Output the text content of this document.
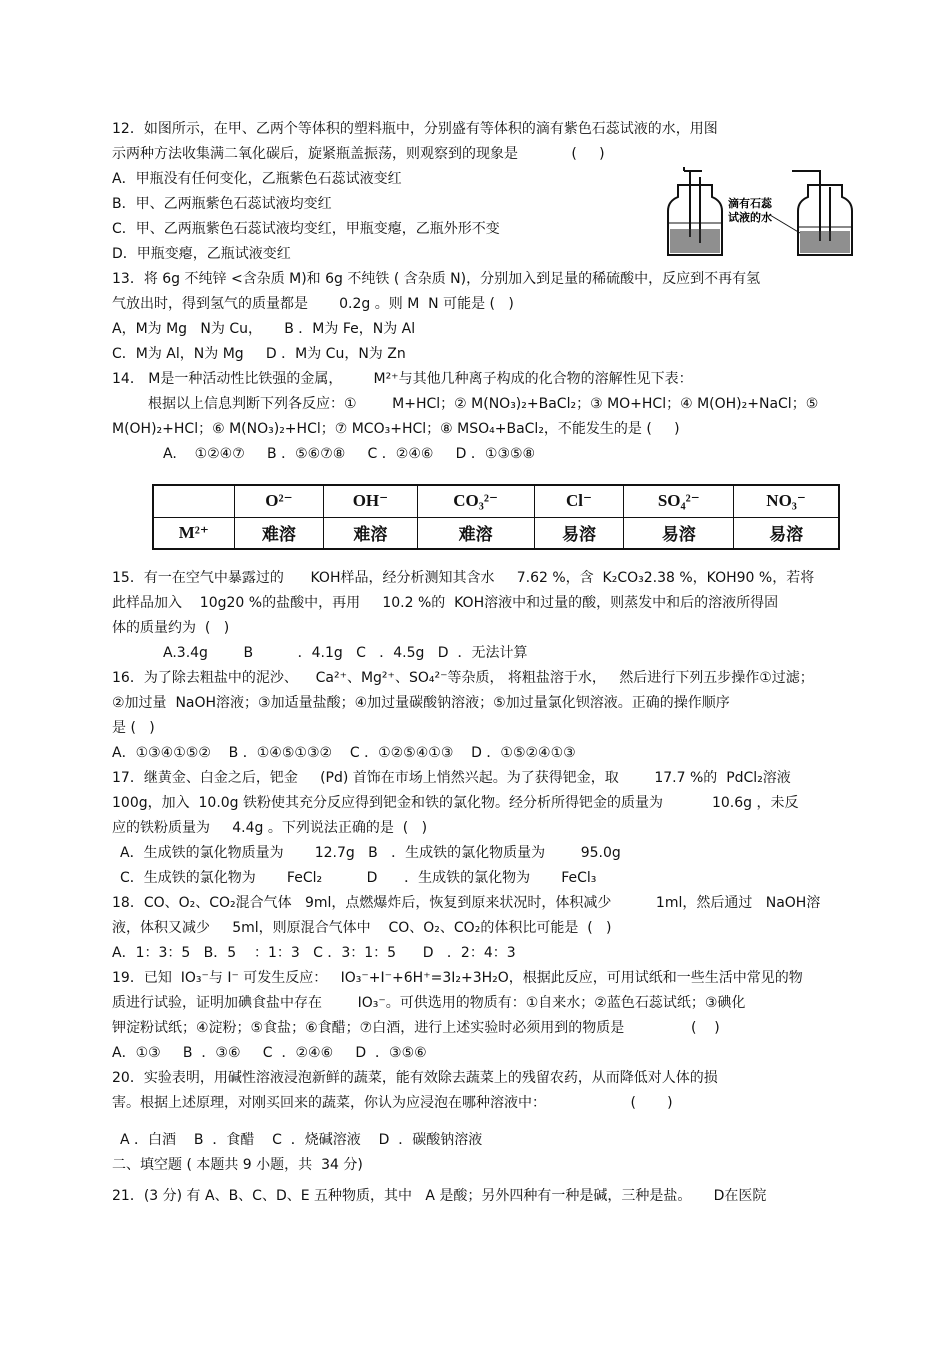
12．如图所示，在甲、乙两个等体积的塑料瓶中，分别盛有等体积的滴有紫色石蕊试液的水，用图
示两种方法收集满二氧化碳后，旋紧瓶盖振荡，则观察到的现象是            (     )
A．甲瓶没有任何变化，乙瓶紫色石蕊试液变红
B．甲、乙两瓶紫色石蕊试液均变红
C．甲、乙两瓶紫色石蕊试液均变红，甲瓶变瘪，乙瓶外形不变
D．甲瓶变瘪，乙瓶试液变红
滴有石蕊
试液的水
13．将 6g 不纯锌 <含杂质 M)和 6g 不纯铁 ( 含杂质 N)，分别加入到足量的稀硫酸中，反应到不再有氢
气放出时，得到氢气的质量都是       0.2g 。则 M  N 可能是 (   )
A，M为 Mg   N为 Cu，     B ．M为 Fe，N为 Al
C．M为 Al，N为 Mg     D ．M为 Cu，N为 Zn
14． M是一种活动性比铁强的金属，       M²⁺与其他几种离子构成的化合物的溶解性见下表：
根据以上信息判断下列各反应：①        M+HCl；② M(NO₃)₂+BaCl₂；③ MO+HCl；④ M(OH)₂+NaCl；⑤
M(OH)₂+HCl；⑥ M(NO₃)₂+HCl；⑦ MCO₃+HCl；⑧ MSO₄+BaCl₂，不能发生的是 (     )
A.    ①②④⑦     B ．⑤⑥⑦⑧     C ．②④⑥     D ．①③⑤⑧
	O²⁻	OH⁻	CO₃²⁻	Cl⁻	SO₄²⁻	NO₃⁻
M²⁺	难溶	难溶	难溶	易溶	易溶	易溶
15．有一在空气中暴露过的      KOH样品，经分析测知其含水     7.62 %，含  K₂CO₃2.38 %，KOH90 %，若将
此样品加入    10g20 %的盐酸中，再用     10.2 %的  KOH溶液中和过量的酸，则蒸发中和后的溶液所得固
体的质量约为  (   )
A.3.4g        B          ．4.1g   C   ．4.5g   D  ．无法计算
16．为了除去粗盐中的泥沙、    Ca²⁺、Mg²⁺、SO₄²⁻等杂质， 将粗盐溶于水，   然后进行下列五步操作①过滤；
②加过量  NaOH溶液；③加适量盐酸；④加过量碳酸钠溶液；⑤加过量氯化钡溶液。正确的操作顺序
是 (   )
A．①③④①⑤②    B ．①④⑤①③②    C ．①②⑤④①③    D ．①⑤②④①③
17．继黄金、白金之后，钯金     (Pd) 首饰在市场上悄然兴起。为了获得钯金，取        17.7 %的  PdCl₂溶液
100g，加入  10.0g 铁粉使其充分反应得到钯金和铁的氯化物。经分析所得钯金的质量为           10.6g ，未反
应的铁粉质量为     4.4g 。下列说法正确的是  (   )
A．生成铁的氯化物质量为       12.7g   B   ．生成铁的氯化物质量为        95.0g
C．生成铁的氯化物为       FeCl₂          D      ．生成铁的氯化物为       FeCl₃
18．CO、O₂、CO₂混合气体   9ml，点燃爆炸后，恢复到原来状况时，体积减少          1ml，然后通过   NaOH溶
液，体积又减少     5ml，则原混合气体中    CO、O₂、CO₂的体积比可能是  (   )
A．1：3：5   B．5    ：1：3   C ．3：1：5      D   ．2：4：3
19．已知  IO₃⁻与 I⁻ 可发生反应：   IO₃⁻+I⁻+6H⁺=3I₂+3H₂O，根据此反应，可用试纸和一些生活中常见的物
质进行试验，证明加碘食盐中存在        IO₃⁻。可供选用的物质有：①自来水；②蓝色石蕊试纸；③碘化
钾淀粉试纸；④淀粉；⑤食盐；⑥食醋；⑦白酒，进行上述实验时必须用到的物质是               (    )
A．①③     B  ．③⑥     C  ．②④⑥     D  ．③⑤⑥
20．实验表明，用碱性溶液浸泡新鲜的蔬菜，能有效除去蔬菜上的残留农药，从而降低对人体的损
害。根据上述原理，对刚买回来的蔬菜，你认为应浸泡在哪种溶液中：                   (       )
A ．白酒    B  ．食醋    C  ．烧碱溶液    D  ．碳酸钠溶液
二、填空题 ( 本题共 9 小题，共  34 分)
21．(3 分) 有 A、B、C、D、E 五种物质，其中   A 是酸；另外四种有一种是碱，三种是盐。     D在医院
